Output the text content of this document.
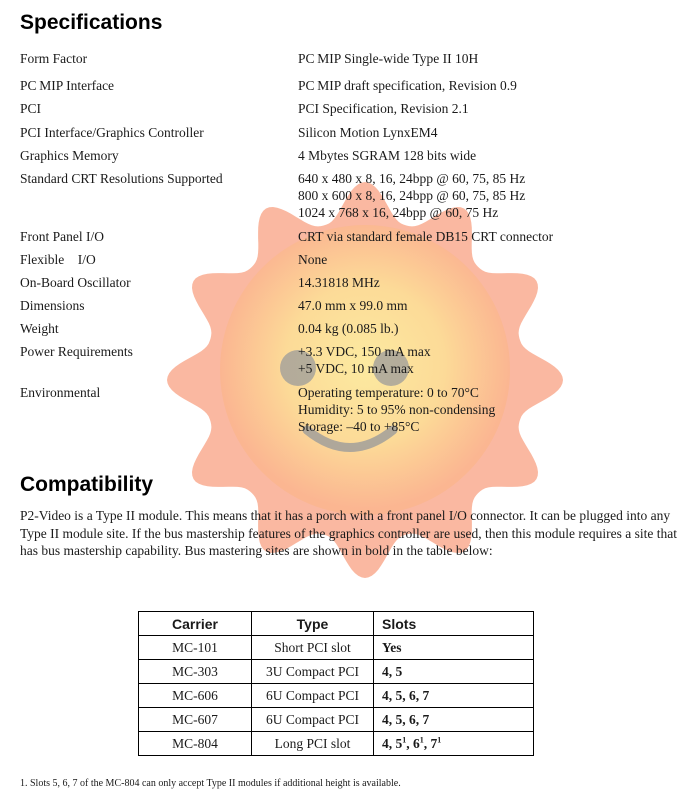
Specifications
Form Factor	PC MIP Single-wide Type II 10H
PC MIP Interface	PC MIP draft specification, Revision 0.9
PCI	PCI Specification, Revision 2.1
PCI Interface/Graphics Controller	Silicon Motion LynxEM4
Graphics Memory	4 Mbytes SGRAM 128 bits wide
Standard CRT Resolutions Supported	640 x 480 x 8, 16, 24bpp @ 60, 75, 85 Hz
800 x 600 x 8, 16, 24bpp @ 60, 75, 85 Hz
1024 x 768 x 16, 24bpp @ 60, 75 Hz
Front Panel I/O	CRT via standard female DB15 CRT connector
Flexible I/O	None
On-Board Oscillator	14.31818 MHz
Dimensions	47.0 mm x 99.0 mm
Weight	0.04 kg (0.085 lb.)
Power Requirements	+3.3 VDC, 150 mA max
+5 VDC, 10 mA max
Environmental	Operating temperature: 0 to 70°C
Humidity: 5 to 95% non-condensing
Storage: –40 to +85°C
Compatibility

P2-Video is a Type II module. This means that it has a porch with a front panel I/O connector. It can be plugged into any Type II module site. If the bus mastership features of the graphics controller are used, then this module requires a site that has bus mastership capability. Bus mastering sites are shown in bold in the table below:

Carrier	Type	Slots
MC-101	Short PCI slot	Yes
MC-303	3U Compact PCI	4, 5
MC-606	6U Compact PCI	4, 5, 6, 7
MC-607	6U Compact PCI	4, 5, 6, 7
MC-804	Long PCI slot	4, $5^1$, $6^1$, $7^1$
1. Slots 5, 6, 7 of the MC-804 can only accept Type II modules if additional height is available.
